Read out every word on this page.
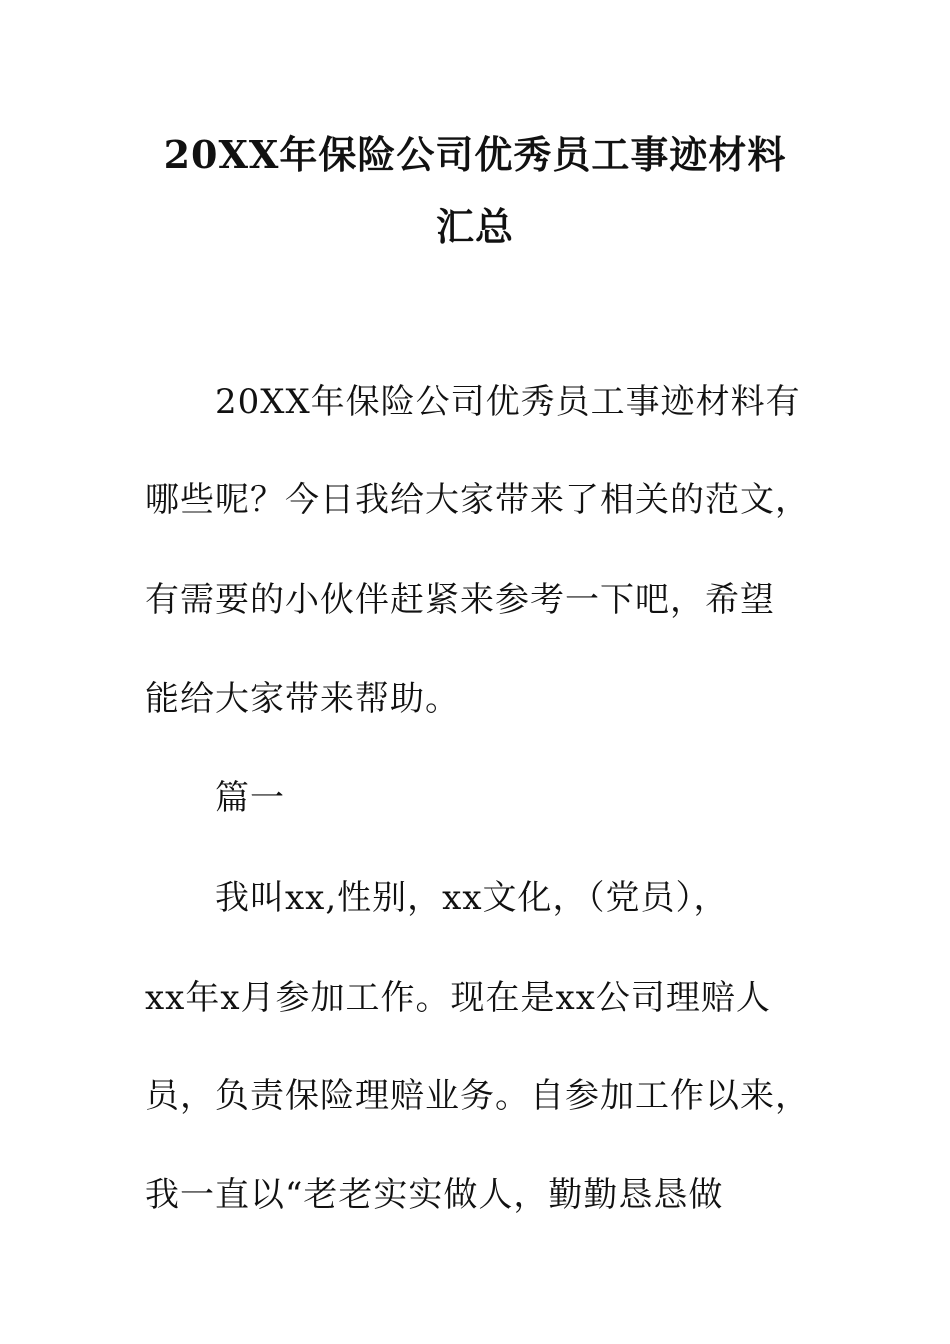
20XX年保险公司优秀员工事迹材料
汇总
20XX年保险公司优秀员工事迹材料有
哪些呢？今日我给大家带来了相关的范文，
有需要的小伙伴赶紧来参考一下吧，希望
能给大家带来帮助。
篇一
我叫xx,性别，xx文化，（党员），
xx年x月参加工作。现在是xx公司理赔人
员，负责保险理赔业务。自参加工作以来，
我一直以“老老实实做人，勤勤恳恳做
